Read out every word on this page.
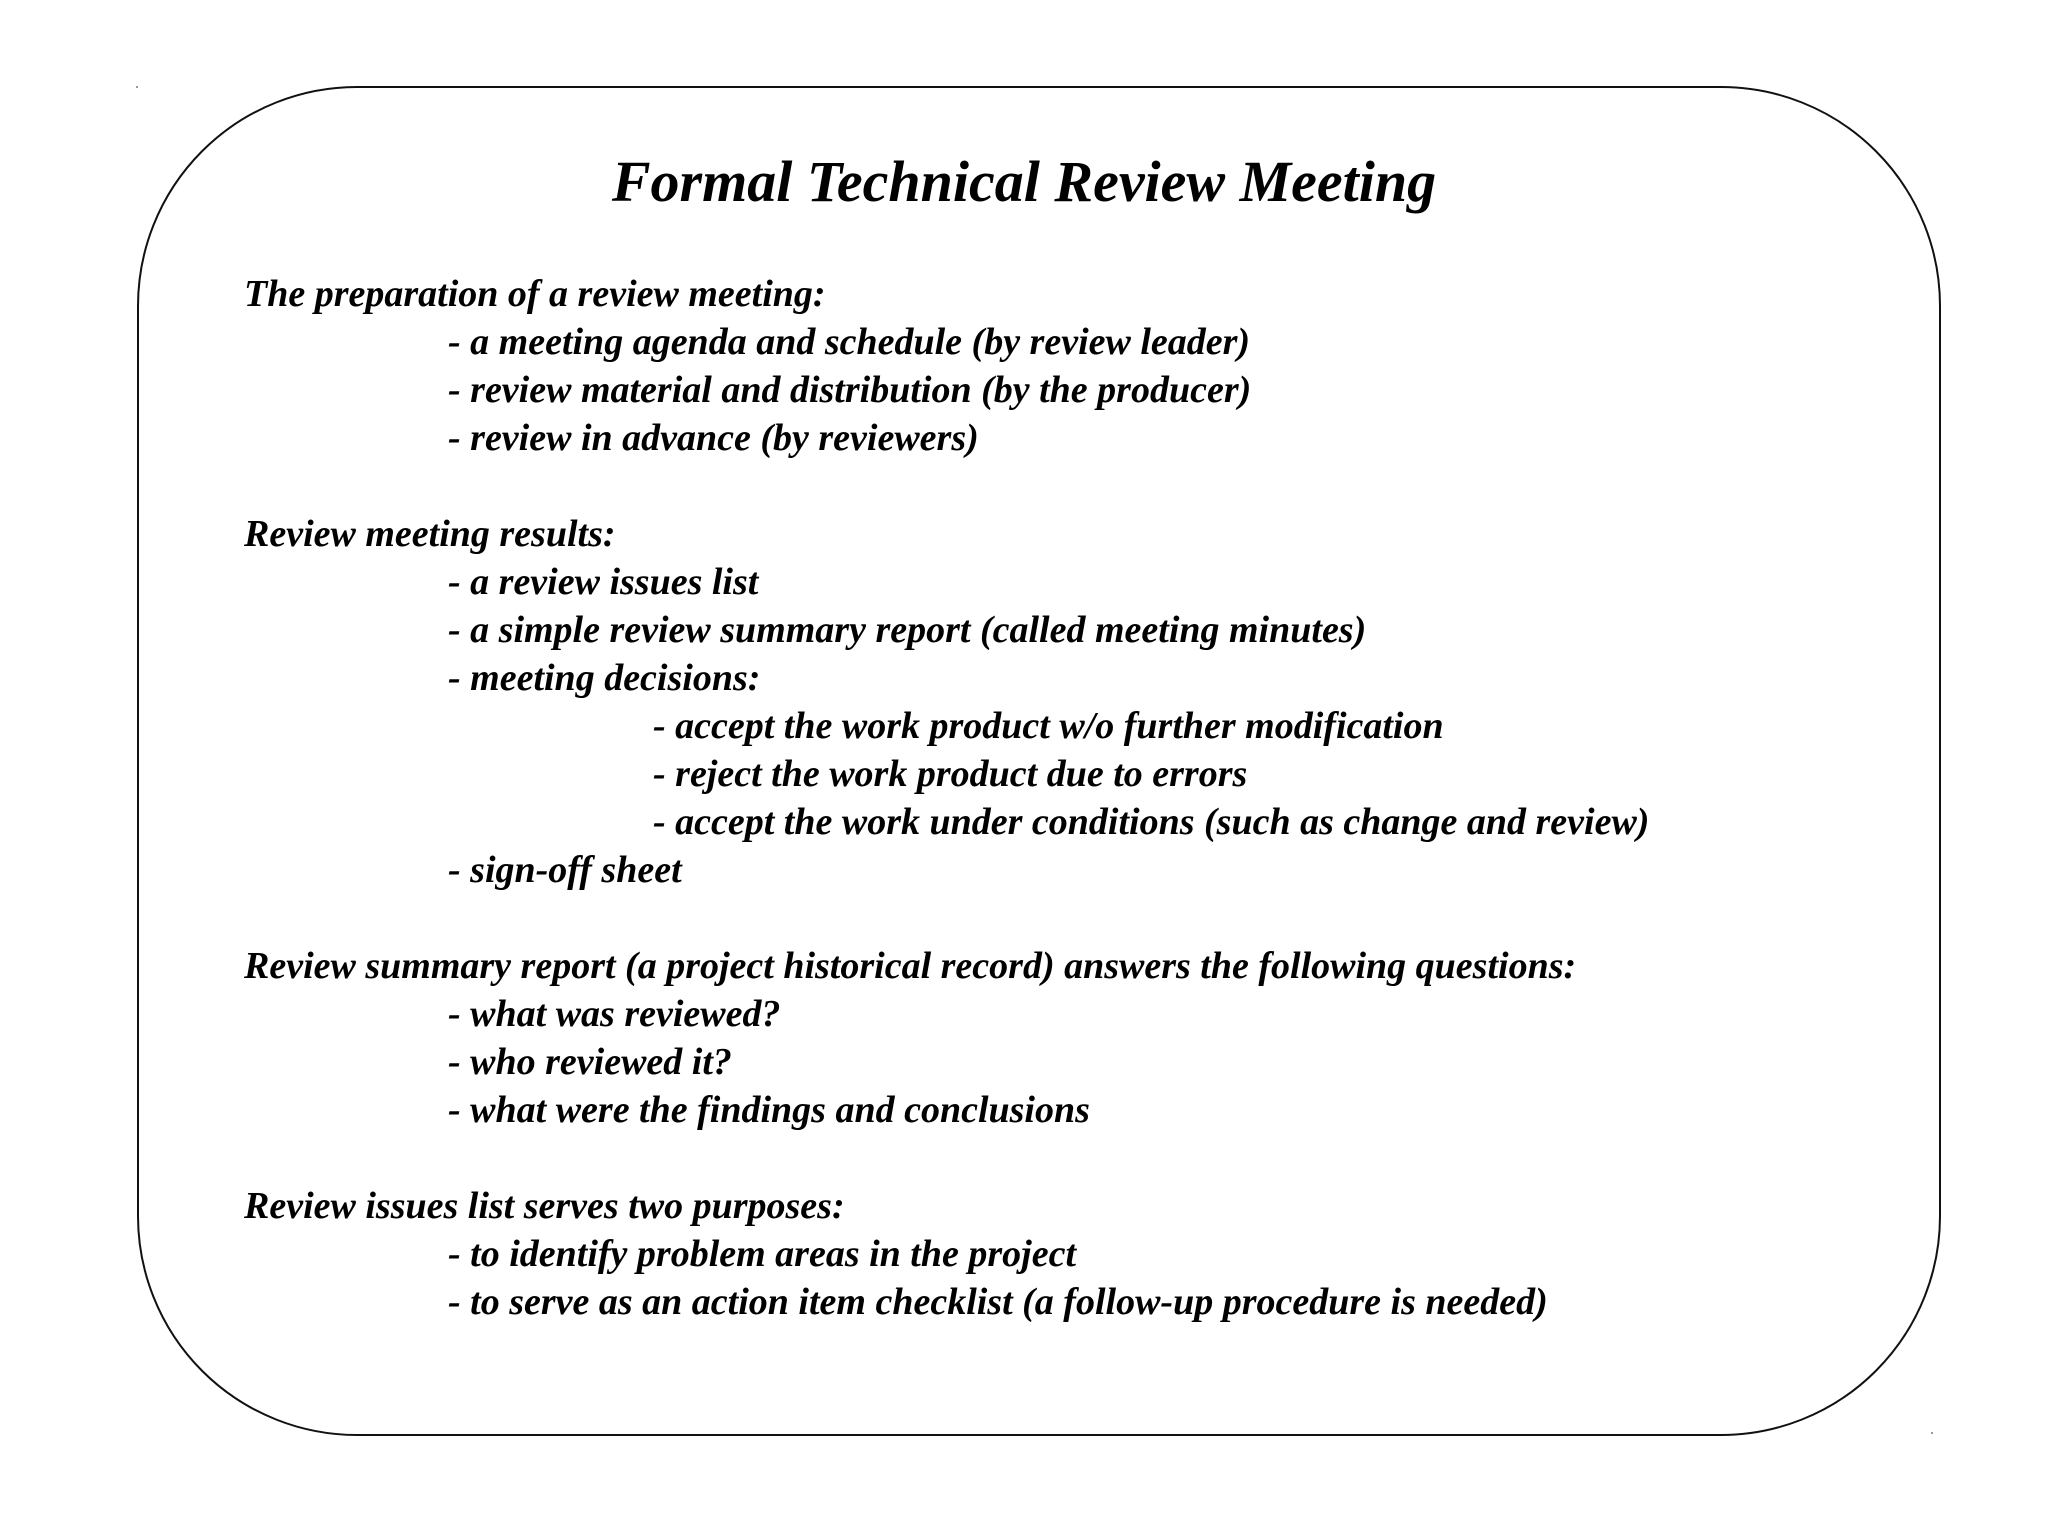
Formal Technical Review Meeting
The preparation of a review meeting:
- a meeting agenda and schedule (by review leader)
- review material and distribution (by the producer)
- review in advance (by reviewers)
Review meeting results:
- a review issues list
- a simple review summary report (called meeting minutes)
- meeting decisions:
- accept the work product w/o further modification
- reject the work product due to errors
- accept the work under conditions (such as change and review)
- sign-off sheet
Review summary report (a project historical record) answers the following questions:
- what was reviewed?
- who reviewed it?
- what were the findings and conclusions
Review issues list serves two purposes:
- to identify problem areas in the project
- to serve as an action item checklist (a follow-up procedure is needed)
